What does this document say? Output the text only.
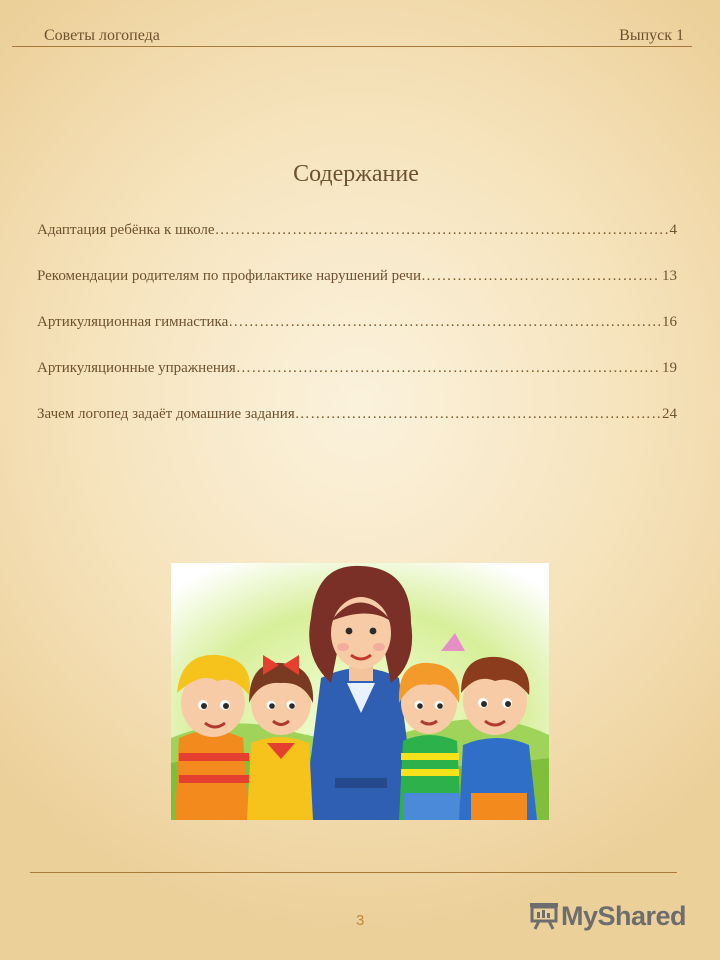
Советы логопеда	Выпуск 1
Содержание
Адаптация ребёнка к школе …………………………………………………………………………………………………………………………………………………………	4
Рекомендации родителям по профилактике нарушений речи …………………………………………………………………………………………………………………………………………………………	13
Артикуляционная гимнастика …………………………………………………………………………………………………………………………………………………………	16
Артикуляционные упражнения …………………………………………………………………………………………………………………………………………………………	19
Зачем логопед задаёт домашние задания …………………………………………………………………………………………………………………………………………………………	24
3	MyShared
